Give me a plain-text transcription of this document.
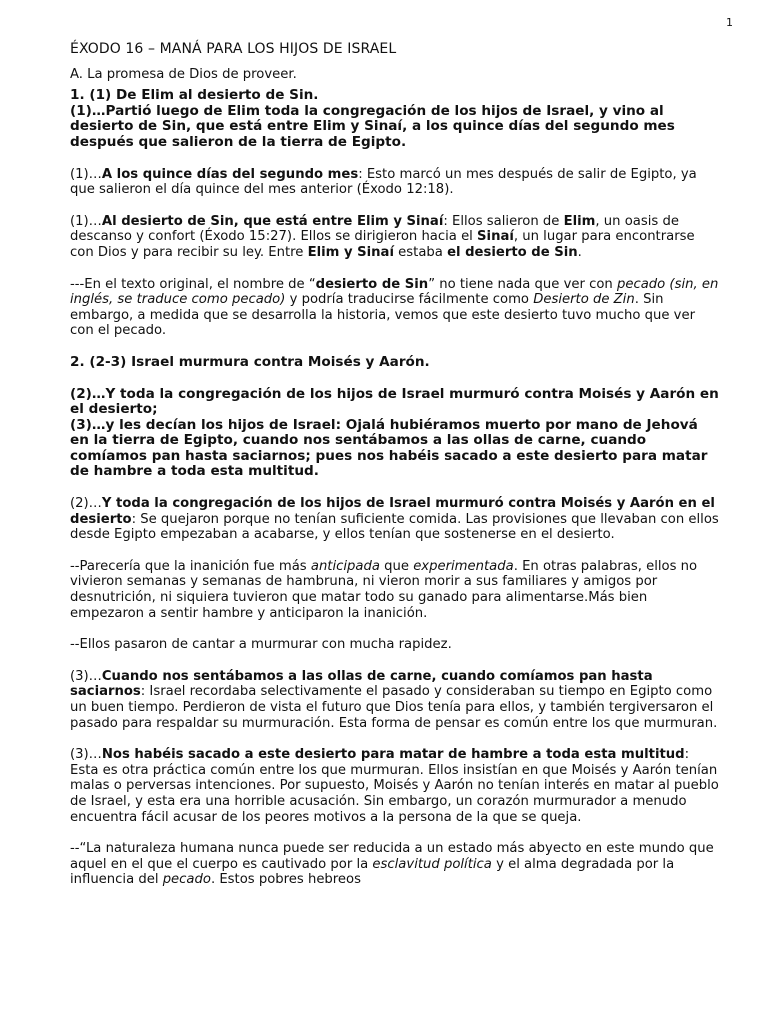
1

ÉXODO 16 – MANÁ PARA LOS HIJOS DE ISRAEL

A. La promesa de Dios de proveer.

1. (1) De Elim al desierto de Sin.

(1)…Partió luego de Elim toda la congregación de los hijos de Israel, y vino al desierto de Sin, que está entre Elim y Sinaí, a los quince días del segundo mes después que salieron de la tierra de Egipto.

(1)…A los quince días del segundo mes: Esto marcó un mes después de salir de Egipto, ya que salieron el día quince del mes anterior (Éxodo 12:18).

(1)…Al desierto de Sin, que está entre Elim y Sinaí: Ellos salieron de Elim, un oasis de descanso y confort (Éxodo 15:27). Ellos se dirigieron hacia el Sinaí, un lugar para encontrarse con Dios y para recibir su ley. Entre Elim y Sinaí estaba el desierto de Sin.

---En el texto original, el nombre de “desierto de Sin” no tiene nada que ver con pecado (sin, en inglés, se traduce como pecado) y podría traducirse fácilmente como Desierto de Zin. Sin embargo, a medida que se desarrolla la historia, vemos que este desierto tuvo mucho que ver con el pecado.

2. (2-3) Israel murmura contra Moisés y Aarón.

(2)…Y toda la congregación de los hijos de Israel murmuró contra Moisés y Aarón en el desierto;

(3)…y les decían los hijos de Israel: Ojalá hubiéramos muerto por mano de Jehová en la tierra de Egipto, cuando nos sentábamos a las ollas de carne, cuando comíamos pan hasta saciarnos; pues nos habéis sacado a este desierto para matar de hambre a toda esta multitud.

(2)…Y toda la congregación de los hijos de Israel murmuró contra Moisés y Aarón en el desierto: Se quejaron porque no tenían suficiente comida. Las provisiones que llevaban con ellos desde Egipto empezaban a acabarse, y ellos tenían que sostenerse en el desierto.

--Parecería que la inanición fue más anticipada que experimentada. En otras palabras, ellos no vivieron semanas y semanas de hambruna, ni vieron morir a sus familiares y amigos por desnutrición, ni siquiera tuvieron que matar todo su ganado para alimentarse.Más bien empezaron a sentir hambre y anticiparon la inanición.

--Ellos pasaron de cantar a murmurar con mucha rapidez.

(3)…Cuando nos sentábamos a las ollas de carne, cuando comíamos pan hasta saciarnos: Israel recordaba selectivamente el pasado y consideraban su tiempo en Egipto como un buen tiempo. Perdieron de vista el futuro que Dios tenía para ellos, y también tergiversaron el pasado para respaldar su murmuración. Esta forma de pensar es común entre los que murmuran.

(3)…Nos habéis sacado a este desierto para matar de hambre a toda esta multitud: Esta es otra práctica común entre los que murmuran. Ellos insistían en que Moisés y Aarón tenían malas o perversas intenciones. Por supuesto, Moisés y Aarón no tenían interés en matar al pueblo de Israel, y esta era una horrible acusación. Sin embargo, un corazón murmurador a menudo encuentra fácil acusar de los peores motivos a la persona de la que se queja.

--“La naturaleza humana nunca puede ser reducida a un estado más abyecto en este mundo que aquel en el que el cuerpo es cautivado por la esclavitud política y el alma degradada por la influencia del pecado. Estos pobres hebreos
